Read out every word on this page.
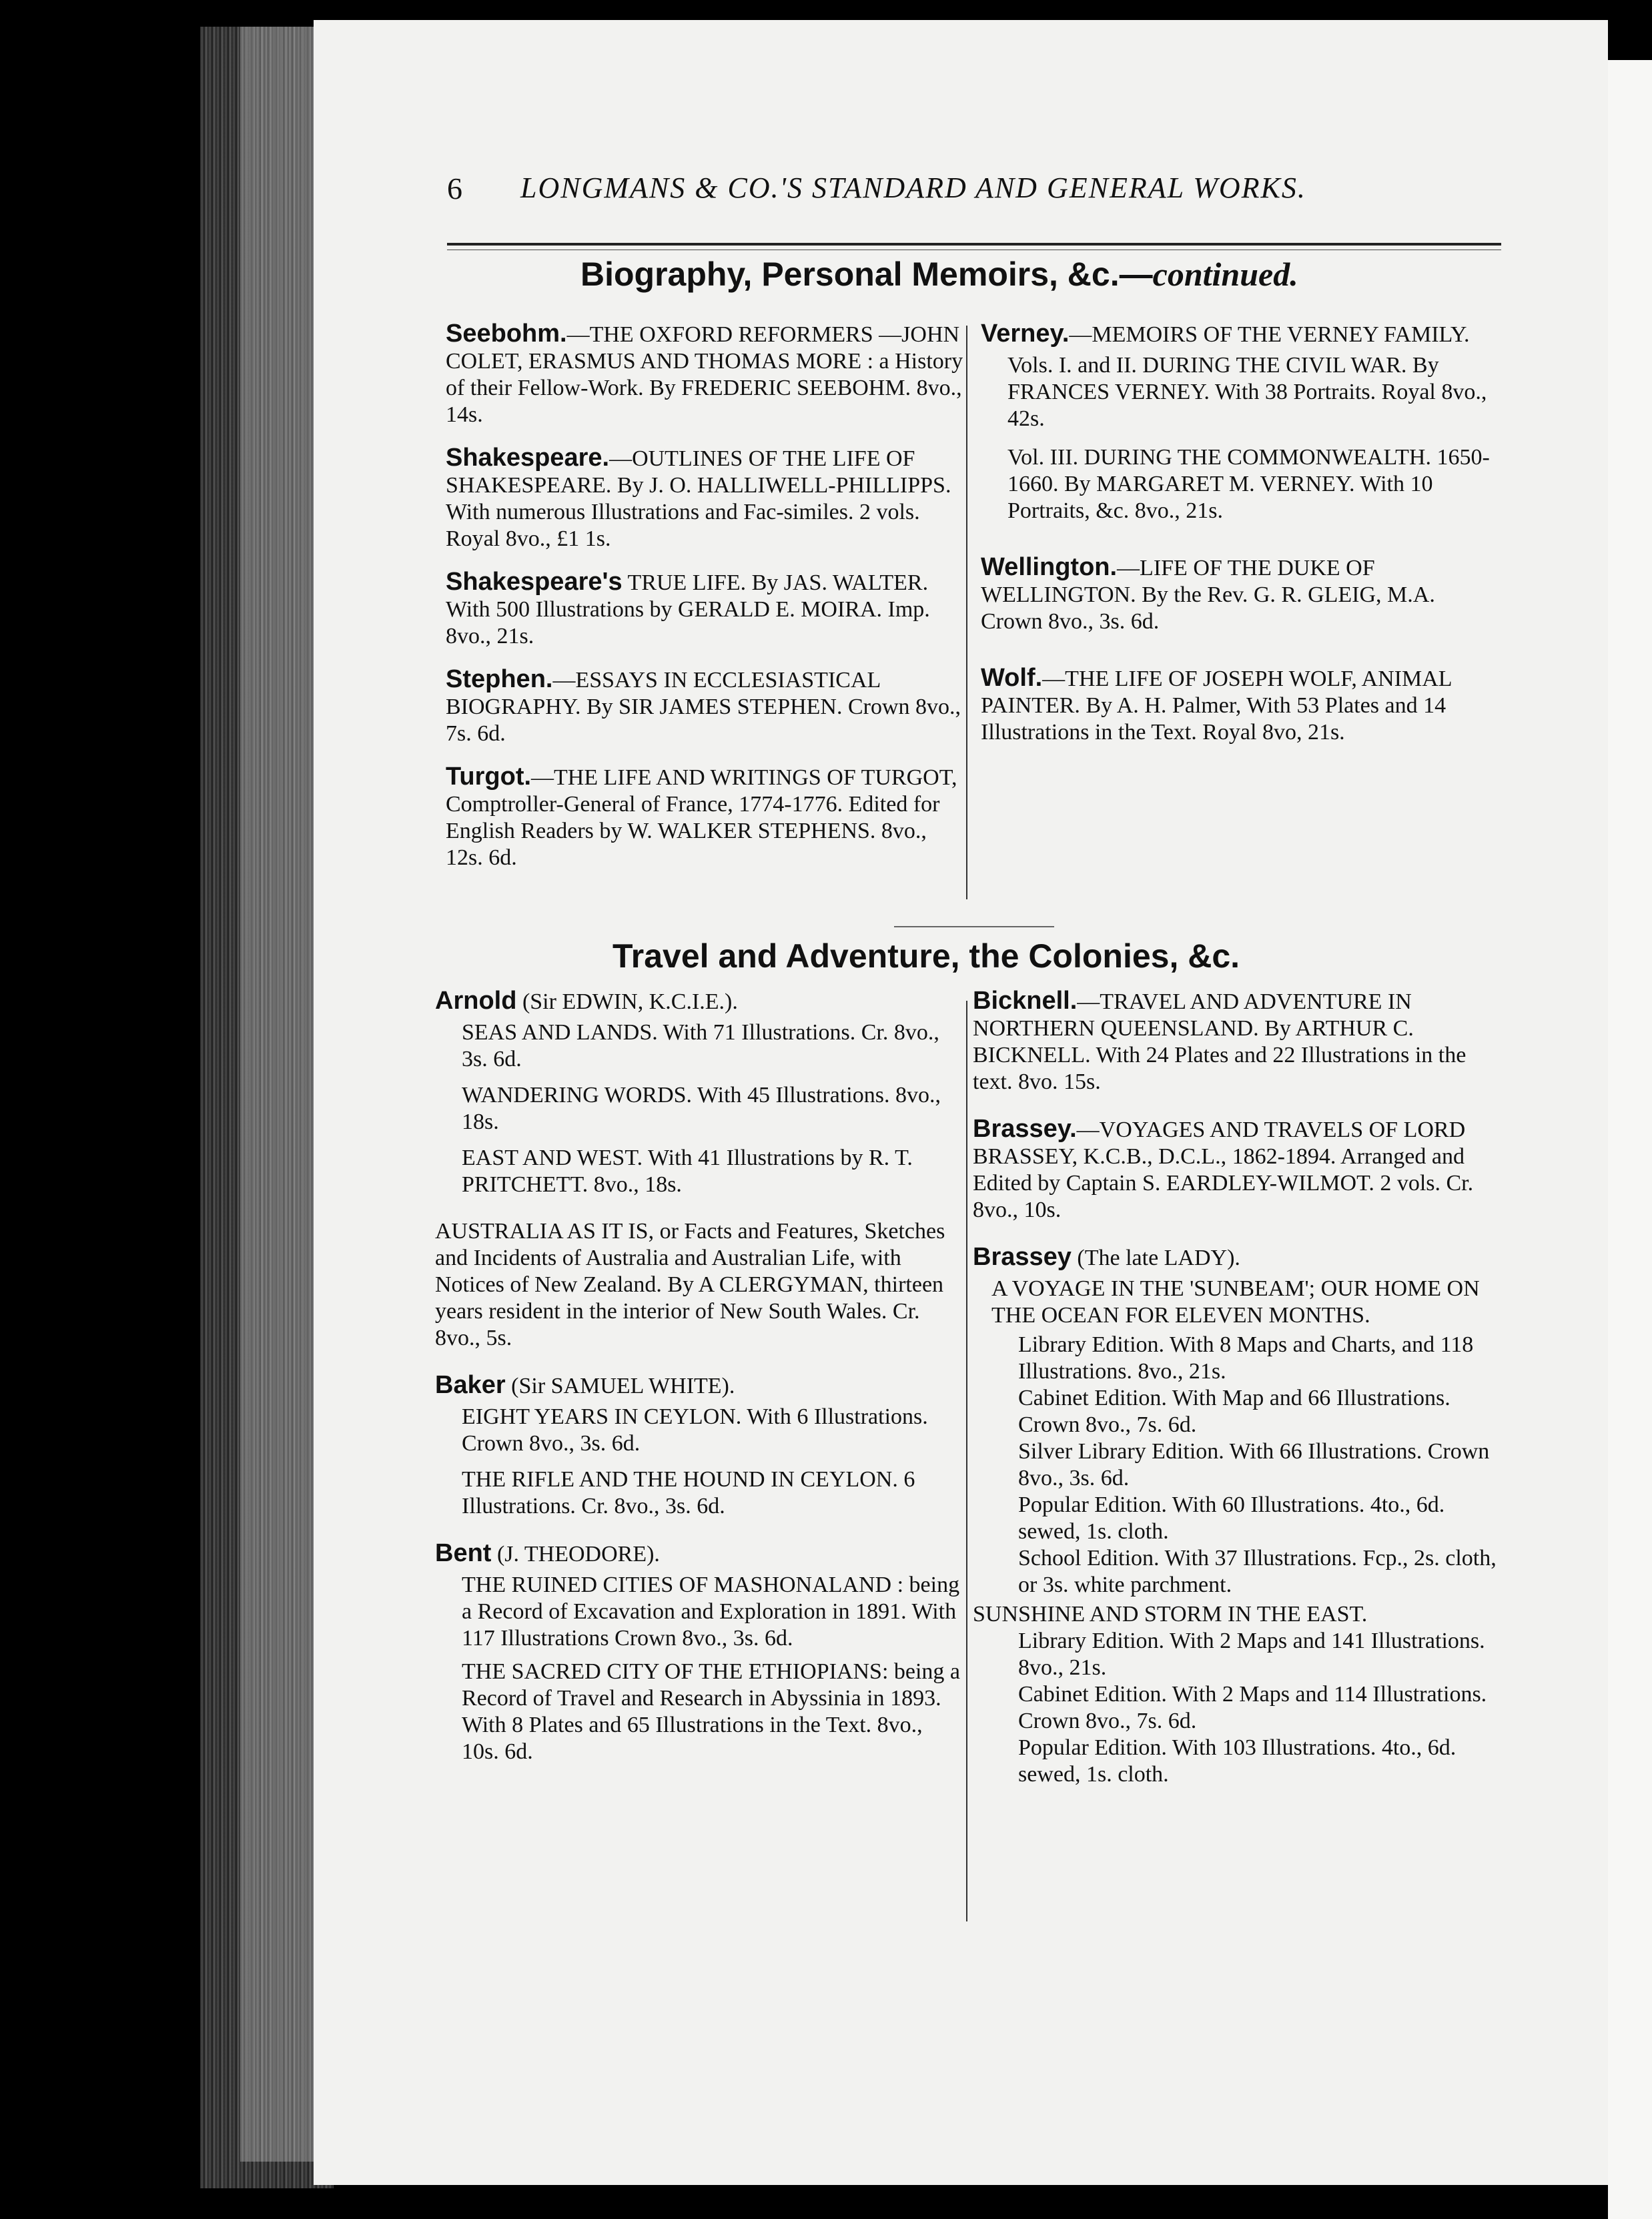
6 LONGMANS & CO.'S STANDARD AND GENERAL WORKS.
Biography, Personal Memoirs, &c.—continued.
Travel and Adventure, the Colonies, &c.
Seebohm.—THE OXFORD REFORMERS —JOHN COLET, ERASMUS AND THOMAS MORE : a History of their Fellow-Work. By FREDERIC SEEBOHM. 8vo., 14s.
Shakespeare.—OUTLINES OF THE LIFE OF SHAKESPEARE. By J. O. HALLIWELL-PHILLIPPS. With numerous Illustrations and Fac-similes. 2 vols. Royal 8vo., £1 1s.
Shakespeare's TRUE LIFE. By JAS. WALTER. With 500 Illustrations by GERALD E. MOIRA. Imp. 8vo., 21s.
Stephen.—ESSAYS IN ECCLESIASTICAL BIOGRAPHY. By SIR JAMES STEPHEN. Crown 8vo., 7s. 6d.
Turgot.—THE LIFE AND WRITINGS OF TURGOT, Comptroller-General of France, 1774-1776. Edited for English Readers by W. WALKER STEPHENS. 8vo., 12s. 6d.
Verney.—MEMOIRS OF THE VERNEY FAMILY.
Vols. I. and II. DURING THE CIVIL WAR. By FRANCES VERNEY. With 38 Portraits. Royal 8vo., 42s.
Vol. III. DURING THE COMMONWEALTH. 1650-1660. By MARGARET M. VERNEY. With 10 Portraits, &c. 8vo., 21s.
Wellington.—LIFE OF THE DUKE OF WELLINGTON. By the Rev. G. R. GLEIG, M.A. Crown 8vo., 3s. 6d.
Wolf.—THE LIFE OF JOSEPH WOLF, ANIMAL PAINTER. By A. H. Palmer, With 53 Plates and 14 Illustrations in the Text. Royal 8vo, 21s.
Arnold (Sir EDWIN, K.C.I.E.).
SEAS AND LANDS. With 71 Illustrations. Cr. 8vo., 3s. 6d.
WANDERING WORDS. With 45 Illustrations. 8vo., 18s.
EAST AND WEST. With 41 Illustrations by R. T. PRITCHETT. 8vo., 18s.
AUSTRALIA AS IT IS, or Facts and Features, Sketches and Incidents of Australia and Australian Life, with Notices of New Zealand. By A CLERGYMAN, thirteen years resident in the interior of New South Wales. Cr. 8vo., 5s.
Baker (Sir SAMUEL WHITE).
EIGHT YEARS IN CEYLON. With 6 Illustrations. Crown 8vo., 3s. 6d.
THE RIFLE AND THE HOUND IN CEYLON. 6 Illustrations. Cr. 8vo., 3s. 6d.
Bent (J. THEODORE).
THE RUINED CITIES OF MASHONALAND : being a Record of Excavation and Exploration in 1891. With 117 Illustrations Crown 8vo., 3s. 6d.
THE SACRED CITY OF THE ETHIOPIANS: being a Record of Travel and Research in Abyssinia in 1893. With 8 Plates and 65 Illustrations in the Text. 8vo., 10s. 6d.
Bicknell.—TRAVEL AND ADVENTURE IN NORTHERN QUEENSLAND. By ARTHUR C. BICKNELL. With 24 Plates and 22 Illustrations in the text. 8vo. 15s.
Brassey.—VOYAGES AND TRAVELS OF LORD BRASSEY, K.C.B., D.C.L., 1862-1894. Arranged and Edited by Captain S. EARDLEY-WILMOT. 2 vols. Cr. 8vo., 10s.
Brassey (The late LADY).
A VOYAGE IN THE 'SUNBEAM'; OUR HOME ON THE OCEAN FOR ELEVEN MONTHS.
Library Edition. With 8 Maps and Charts, and 118 Illustrations. 8vo., 21s.
Cabinet Edition. With Map and 66 Illustrations. Crown 8vo., 7s. 6d.
Silver Library Edition. With 66 Illustrations. Crown 8vo., 3s. 6d.
Popular Edition. With 60 Illustrations. 4to., 6d. sewed, 1s. cloth.
School Edition. With 37 Illustrations. Fcp., 2s. cloth, or 3s. white parchment.
SUNSHINE AND STORM IN THE EAST.
Library Edition. With 2 Maps and 141 Illustrations. 8vo., 21s.
Cabinet Edition. With 2 Maps and 114 Illustrations. Crown 8vo., 7s. 6d.
Popular Edition. With 103 Illustrations. 4to., 6d. sewed, 1s. cloth.
